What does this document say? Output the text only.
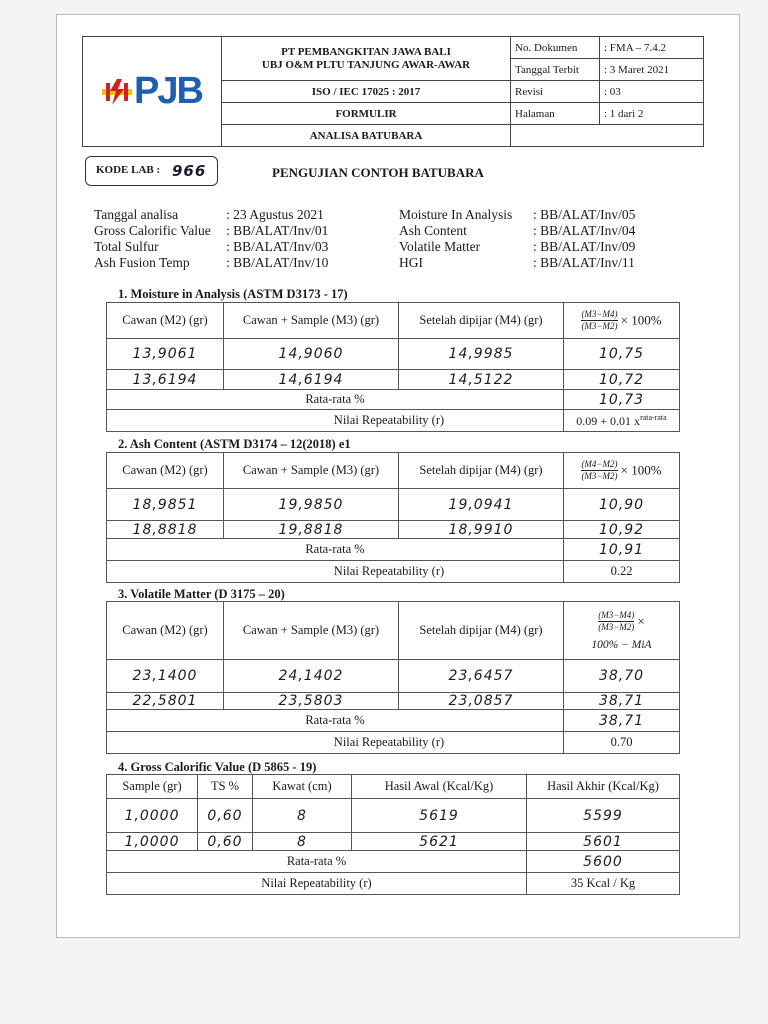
PJB	PT PEMBANGKITAN JAWA BALI
UBJ O&M PLTU TANJUNG AWAR-AWAR	No. Dokumen	: FMA – 7.4.2
		Tanggal Terbit	: 3 Maret 2021
	ISO / IEC 17025 : 2017	Revisi	: 03
	FORMULIR	Halaman	: 1 dari 2
	ANALISA BATUBARA		
KODE LAB : 966	PENGUJIAN CONTOH BATUBARA
Tanggal analisa	: 23 Agustus 2021
Gross Calorific Value : BB/ALAT/Inv/01
Total Sulfur	: BB/ALAT/Inv/03
Ash Fusion Temp	: BB/ALAT/Inv/10
Moisture In Analysis : BB/ALAT/Inv/05
Ash Content	: BB/ALAT/Inv/04
Volatile Matter	: BB/ALAT/Inv/09
HGI	: BB/ALAT/Inv/11
1. Moisture in Analysis (ASTM D3173 - 17)
Cawan (M2) (gr)	Cawan + Sample (M3) (gr)	Setelah dipijar (M4) (gr)	$\frac{(M3-M4)}{(M3-M2)} \times 100\%$
13,9061	14,9060	14,9985	10,75
13,6194	14,6194	14,5122	10,72
Rata-rata %			10,73
Nilai Repeatability (r)			0.09 + 0.01 $x^{rata-rata}$
2. Ash Content (ASTM D3174 – 12(2018) e1
Cawan (M2) (gr)	Cawan + Sample (M3) (gr)	Setelah dipijar (M4) (gr)	$\frac{(M4-M2)}{(M3-M2)} \times 100\%$
18,9851	19,9850	19,0941	10,90
18,8818	19,8818	18,9910	10,92
Rata-rata %			10,91
Nilai Repeatability (r)			0.22
3. Volatile Matter (D 3175 – 20)
Cawan (M2) (gr)	Cawan + Sample (M3) (gr)	Setelah dipijar (M4) (gr)	$\frac{(M3-M4)}{(M3-M2)}$ ×
100% − MiA

23,1400	24,1402	23,6457	38,70
22,5801	23,5803	23,0857	38,71
Rata-rata %			38,71
Nilai Repeatability (r)			0.70
4. Gross Calorific Value (D 5865 - 19)
Sample (gr)	TS %	Kawat (cm)	Hasil Awal (Kcal/Kg)	Hasil Akhir (Kcal/Kg)
1,0000	0,60	8	5619	5599
1,0000	0,60	8	5621	5601
Rata-rata %				5600
Nilai Repeatability (r)				35 Kcal / Kg
